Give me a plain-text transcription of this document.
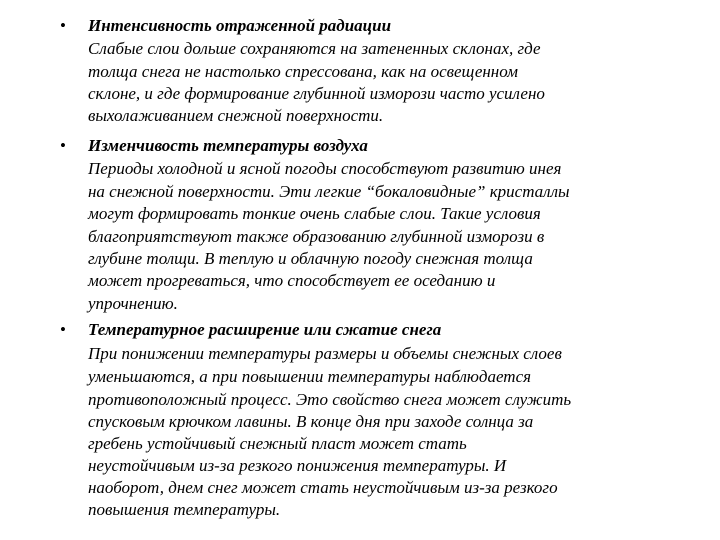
• Интенсивность отраженной радиации
Слабые слои дольше сохраняются на затененных склонах, где
толща снега не настолько спрессована, как на освещенном
склоне, и где формирование глубинной изморози часто усилено
выхолаживанием снежной поверхности.
• Изменчивость температуры воздуха
Периоды холодной и ясной погоды способствуют развитию инея
на снежной поверхности. Эти легкие “бокаловидные” кристаллы
могут формировать тонкие очень слабые слои. Такие условия
благоприятствуют также образованию глубинной изморози в
глубине толщи. В теплую и облачную погоду снежная толща
может прогреваться, что способствует ее оседанию и
упрочнению.
• Температурное расширение или сжатие снега
При понижении температуры размеры и объемы снежных слоев
уменьшаются, а при повышении температуры наблюдается
противоположный процесс. Это свойство снега может служить
спусковым крючком лавины. В конце дня при заходе солнца за
гребень устойчивый снежный пласт может стать
неустойчивым из-за резкого понижения температуры. И
наоборот, днем снег может стать неустойчивым из-за резкого
повышения температуры.
